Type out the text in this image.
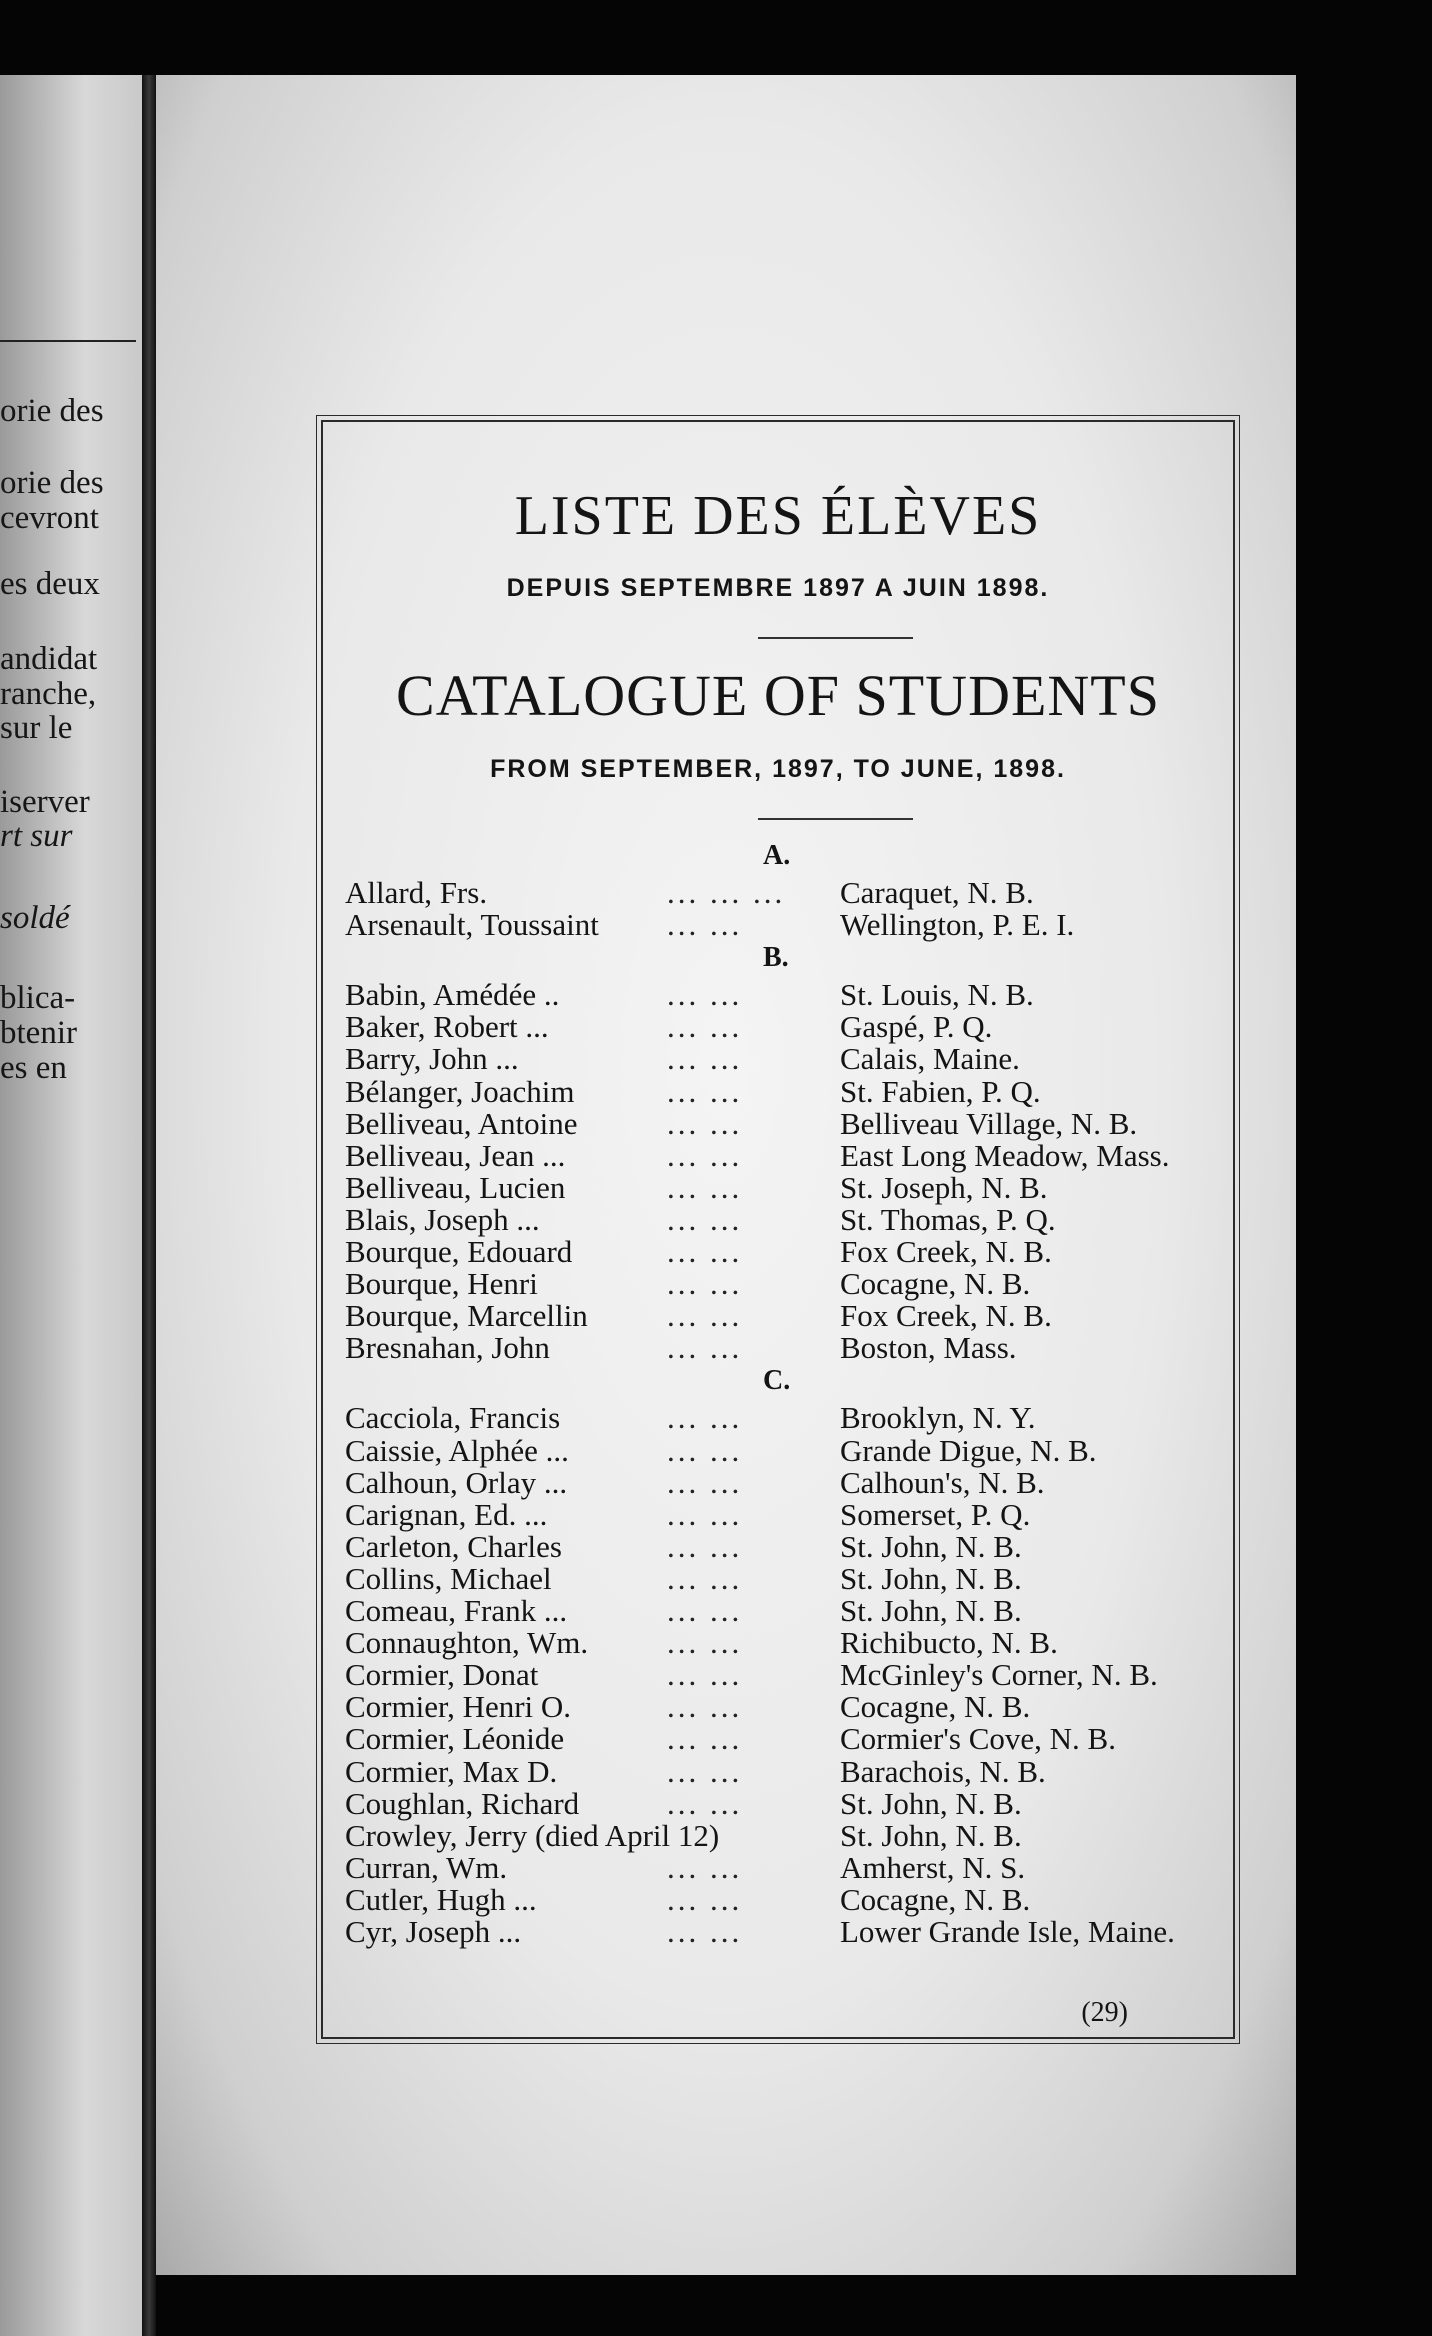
orie des
orie des
cevront
es deux
andidat
ranche,
sur le
iserver
rt sur
soldé
blica-
btenir
es en
LISTE DES ÉLÈVES
DEPUIS SEPTEMBRE 1897 A JUIN 1898.
CATALOGUE OF STUDENTS
FROM SEPTEMBER, 1897, TO JUNE, 1898.
A.
Allard, Frs.	... ... ... Caraquet, N. B.
Arsenault, Toussaint ... ...	Wellington, P. E. I.
B.
Babin, Amédée ..	... ...	St. Louis, N. B.
Baker, Robert ...	... ...	Gaspé, P. Q.
Barry, John ...	... ...	Calais, Maine.
Bélanger, Joachim	... ...	St. Fabien, P. Q.
Belliveau, Antoine	... ...	Belliveau Village, N. B.
Belliveau, Jean ...	... ...	East Long Meadow, Mass.
Belliveau, Lucien	... ...	St. Joseph, N. B.
Blais, Joseph ...	... ...	St. Thomas, P. Q.
Bourque, Edouard	... ...	Fox Creek, N. B.
Bourque, Henri	... ...	Cocagne, N. B.
Bourque, Marcellin	... ...	Fox Creek, N. B.
Bresnahan, John	... ...	Boston, Mass.
C.
Cacciola, Francis	... ...	Brooklyn, N. Y.
Caissie, Alphée ...	... ...	Grande Digue, N. B.
Calhoun, Orlay ...	... ...	Calhoun's, N. B.
Carignan, Ed. ...	... ...	Somerset, P. Q.
Carleton, Charles	... ...	St. John, N. B.
Collins, Michael	... ...	St. John, N. B.
Comeau, Frank ...	... ...	St. John, N. B.
Connaughton, Wm.	... ...	Richibucto, N. B.
Cormier, Donat	... ...	McGinley's Corner, N. B.
Cormier, Henri O.	... ...	Cocagne, N. B.
Cormier, Léonide	... ...	Cormier's Cove, N. B.
Cormier, Max D.	... ...	Barachois, N. B.
Coughlan, Richard	... ...	St. John, N. B.
Crowley, Jerry (died April 12)	St. John, N. B.
Curran, Wm.	... ...	Amherst, N. S.
Cutler, Hugh ...	... ...	Cocagne, N. B.
Cyr, Joseph ...	... ...	Lower Grande Isle, Maine.
(29)
